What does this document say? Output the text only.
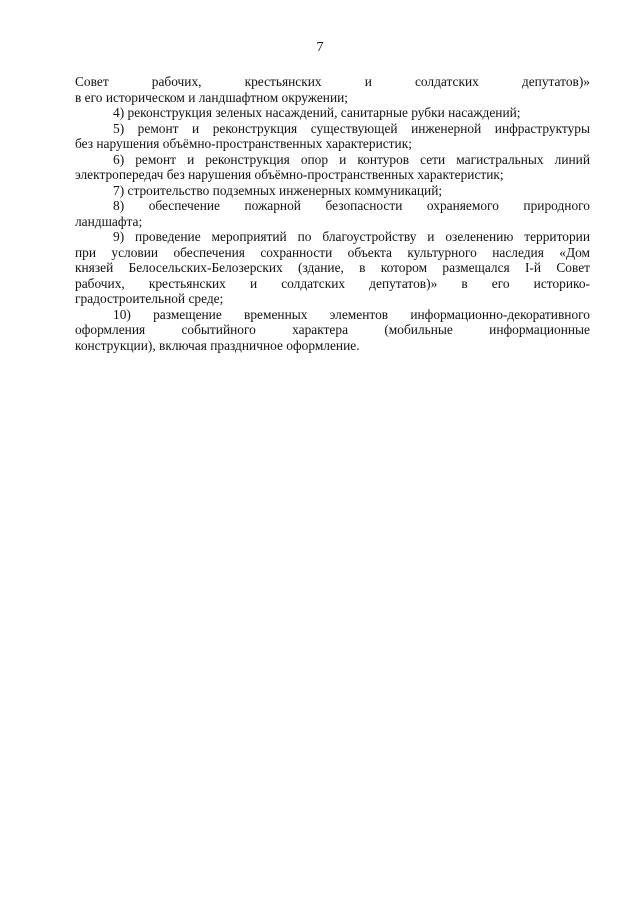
7
Совет рабочих, крестьянских и солдатских депутатов)»
в его историческом и ландшафтном окружении;
4) реконструкция зеленых насаждений, санитарные рубки насаждений;
5) ремонт и реконструкция существующей инженерной инфраструктуры
без нарушения объёмно-пространственных характеристик;
6) ремонт и реконструкция опор и контуров сети магистральных линий
электропередач без нарушения объёмно-пространственных характеристик;
7) строительство подземных инженерных коммуникаций;
8) обеспечение пожарной безопасности охраняемого природного
ландшафта;
9) проведение мероприятий по благоустройству и озеленению территории
при условии обеспечения сохранности объекта культурного наследия «Дом
князей Белосельских-Белозерских (здание, в котором размещался I-й Совет
рабочих, крестьянских и солдатских депутатов)» в его историко-
градостроительной среде;
10) размещение временных элементов информационно-декоративного
оформления событийного характера (мобильные информационные
конструкции), включая праздничное оформление.
